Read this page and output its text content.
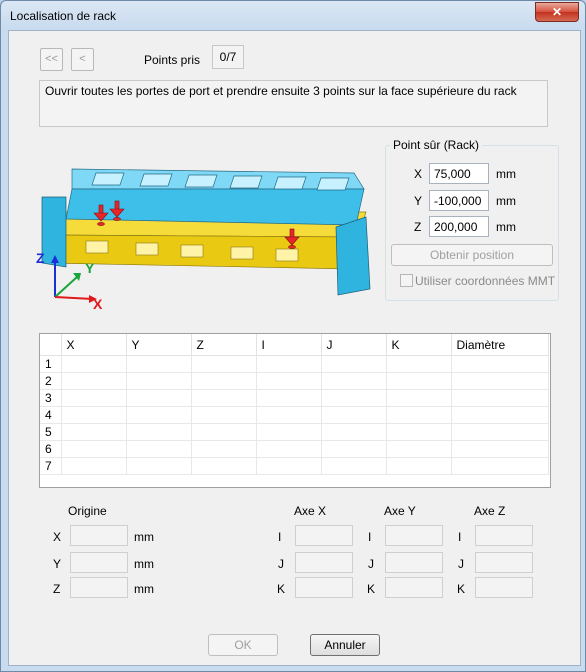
Localisation de rack	✕
<<	<	Points pris	0/7
Ouvrir toutes les portes de port et prendre ensuite 3 points sur la face supérieure du rack
Z
Y
X
Point sûr (Rack)
X
75,000	mm
Y
-100,000	mm
Z
200,000	mm
Obtenir position
Utiliser coordonnées MMT
	X	Y	Z	I	J	K	Diamètre
1							
2							
3							
4							
5							
6							
7							
Origine
X	mm
Y	mm
Z	mm
Axe X
I
J
K
Axe Y
I
J
K
Axe Z
I
J
K
OK	Annuler
